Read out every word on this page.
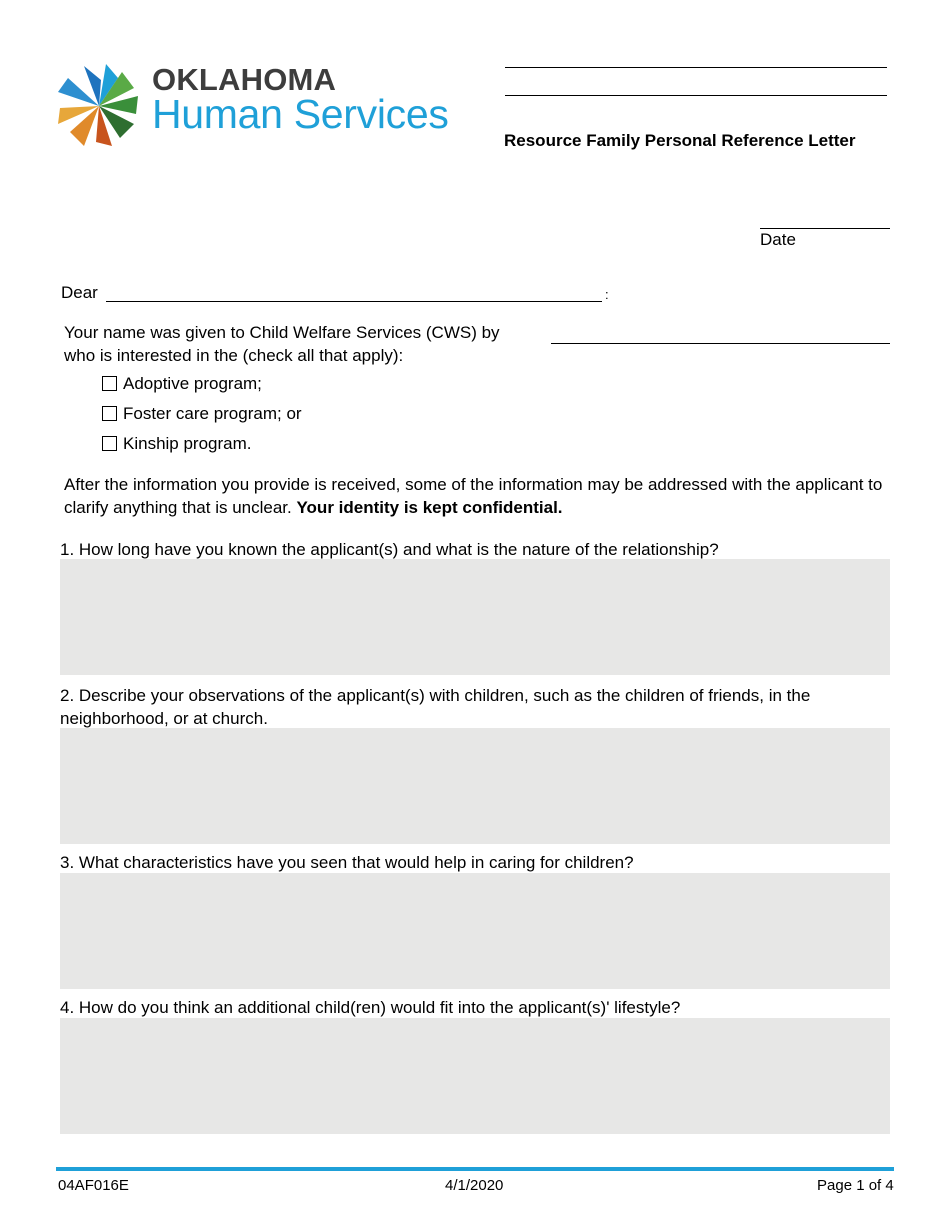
OKLAHOMA
Human Services
Resource Family Personal Reference Letter
Date
Dear	:
Your name was given to Child Welfare Services (CWS) by
who is interested in the (check all that apply):
Adoptive program;
Foster care program; or
Kinship program.
After the information you provide is received, some of the information may be addressed with the applicant to clarify anything that is unclear. Your identity is kept confidential.
1. How long have you known the applicant(s) and what is the nature of the relationship?
2. Describe your observations of the applicant(s) with children, such as the children of friends, in the neighborhood, or at church.
3. What characteristics have you seen that would help in caring for children?
4. How do you think an additional child(ren) would fit into the applicant(s)' lifestyle?
04AF016E	4/1/2020	Page 1 of 4
